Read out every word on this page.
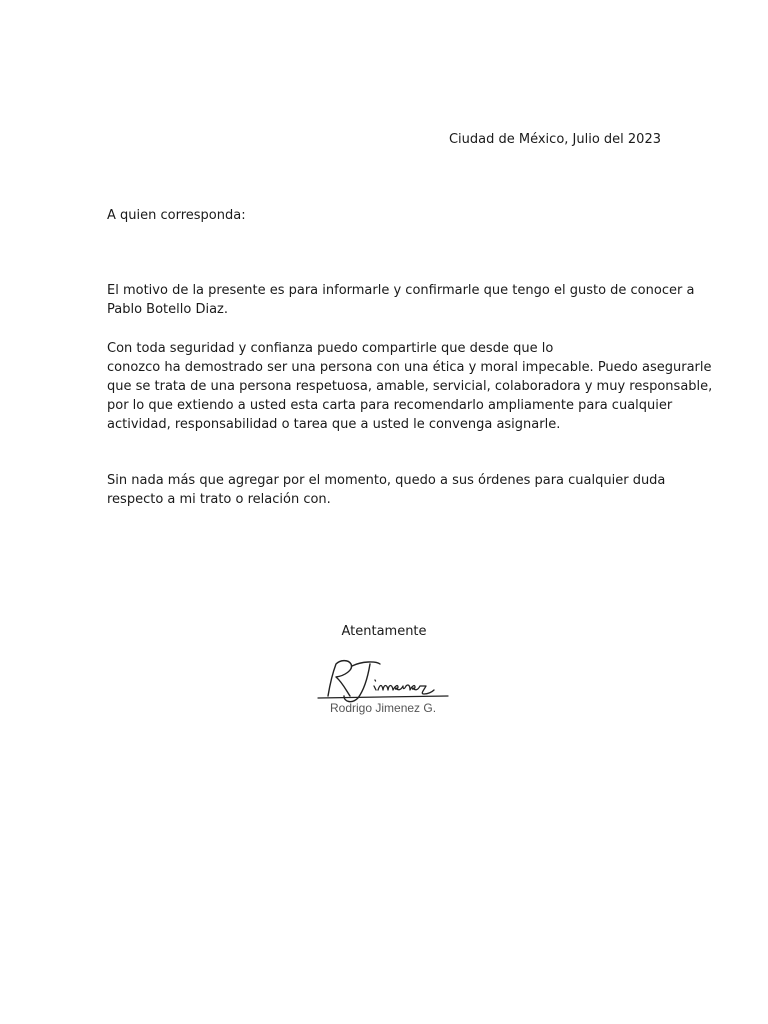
Ciudad de México, Julio del 2023
A quien corresponda:
El motivo de la presente es para informarle y confirmarle que tengo el gusto de conocer a
Pablo Botello Diaz.
Con toda seguridad y confianza puedo compartirle que desde que lo
conozco ha demostrado ser una persona con una ética y moral impecable. Puedo asegurarle
que se trata de una persona respetuosa, amable, servicial, colaboradora y muy responsable,
por lo que extiendo a usted esta carta para recomendarlo ampliamente para cualquier
actividad, responsabilidad o tarea que a usted le convenga asignarle.
Sin nada más que agregar por el momento, quedo a sus órdenes para cualquier duda
respecto a mi trato o relación con.
Atentamente
Rodrigo Jimenez G.
